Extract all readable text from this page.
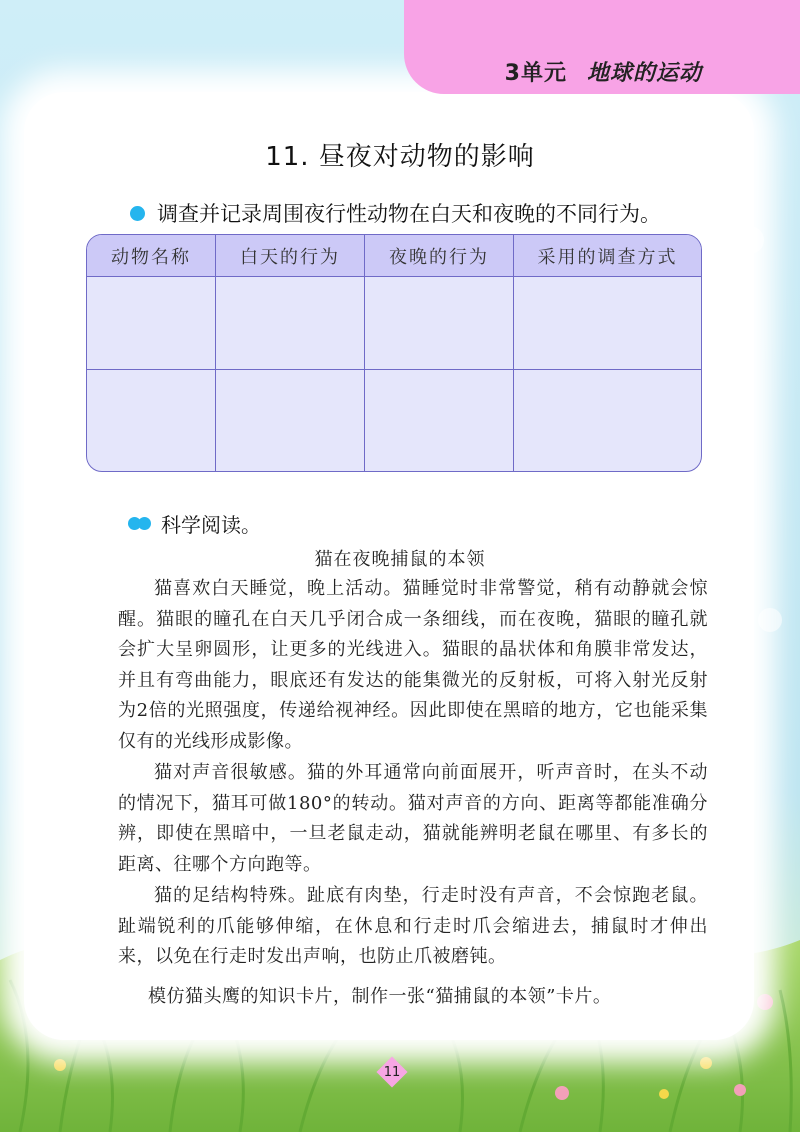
3单元 地球的运动
11. 昼夜对动物的影响
调查并记录周围夜行性动物在白天和夜晚的不同行为。
动物名称	白天的行为	夜晚的行为	采用的调查方式
科学阅读。
猫在夜晚捕鼠的本领

猫喜欢白天睡觉，晚上活动。猫睡觉时非常警觉，稍有动静就会惊醒。猫眼的瞳孔在白天几乎闭合成一条细线，而在夜晚，猫眼的瞳孔就会扩大呈卵圆形，让更多的光线进入。猫眼的晶状体和角膜非常发达，并且有弯曲能力，眼底还有发达的能集微光的反射板，可将入射光反射为2倍的光照强度，传递给视神经。因此即使在黑暗的地方，它也能采集仅有的光线形成影像。

猫对声音很敏感。猫的外耳通常向前面展开，听声音时，在头不动的情况下，猫耳可做180°的转动。猫对声音的方向、距离等都能准确分辨，即使在黑暗中，一旦老鼠走动，猫就能辨明老鼠在哪里、有多长的距离、往哪个方向跑等。

猫的足结构特殊。趾底有肉垫，行走时没有声音，不会惊跑老鼠。趾端锐利的爪能够伸缩，在休息和行走时爪会缩进去，捕鼠时才伸出来，以免在行走时发出声响，也防止爪被磨钝。

模仿猫头鹰的知识卡片，制作一张“猫捕鼠的本领”卡片。
11
